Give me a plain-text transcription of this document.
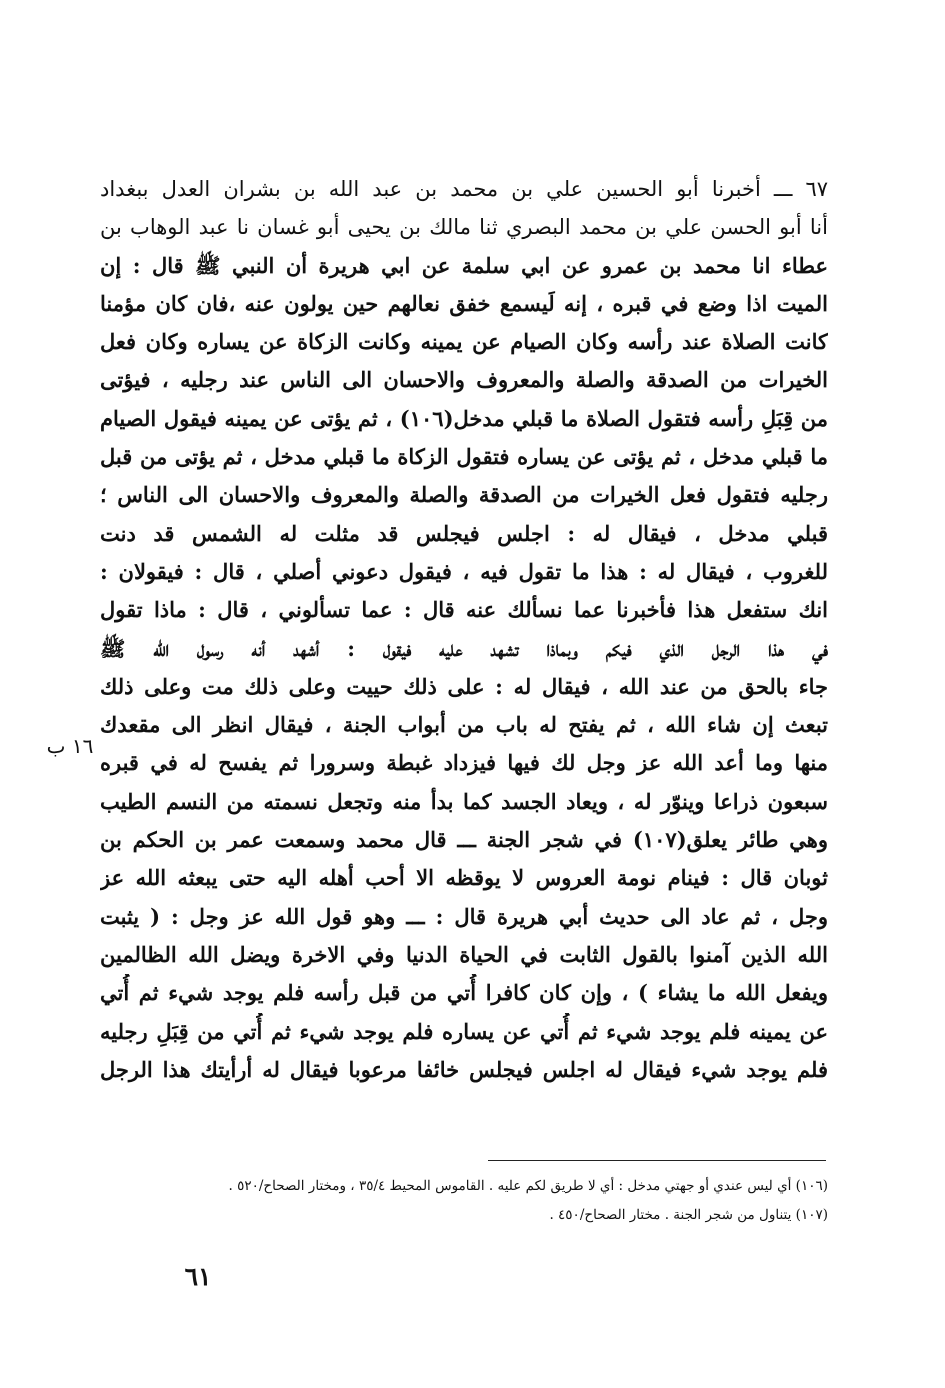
٦٧ ـــ أخبرنا أبو الحسين علي بن محمد بن عبد الله بن بشران العدل ببغداد
أنا أبو الحسن علي بن محمد البصري ثنا مالك بن يحيى أبو غسان نا عبد الوهاب بن
عطاء انا محمد بن عمرو عن ابي سلمة عن ابي هريرة أن النبي ﷺ قال : إن
الميت اذا وضع في قبره ، إنه لَيسمع خفق نعالهم حين يولون عنه ،فان كان مؤمنا
كانت الصلاة عند رأسه وكان الصيام عن يمينه وكانت الزكاة عن يساره وكان فعل
الخيرات من الصدقة والصلة والمعروف والاحسان الى الناس عند رجليه ، فيؤتى
من قِبَلِ رأسه فتقول الصلاة ما قبلي مدخل(١٠٦) ، ثم يؤتى عن يمينه فيقول الصيام
ما قبلي مدخل ، ثم يؤتى عن يساره فتقول الزكاة ما قبلي مدخل ، ثم يؤتى من قبل
رجليه فتقول فعل الخيرات من الصدقة والصلة والمعروف والاحسان الى الناس ؛
قبلي مدخل ، فيقال له : اجلس فيجلس قد مثلت له الشمس قد دنت
للغروب ، فيقال له : هذا ما تقول فيه ، فيقول دعوني أصلي ، قال : فيقولان :
انك ستفعل هذا فأخبرنا عما نسألك عنه قال : عما تسألوني ، قال : ماذا تقول
في هذا الرجل الذي فيكم وبماذا تشهد عليه فيقول : أشهد أنه رسول الله ﷺ
جاء بالحق من عند الله ، فيقال له : على ذلك حييت وعلى ذلك مت وعلى ذلك
تبعث إن شاء الله ، ثم يفتح له باب من أبواب الجنة ، فيقال انظر الى مقعدك
منها وما أعد الله عز وجل لك فيها فيزداد غبطة وسرورا ثم يفسح له في قبره
سبعون ذراعا وينوّر له ، ويعاد الجسد كما بدأ منه وتجعل نسمته من النسم الطيب
وهي طائر يعلق(١٠٧) في شجر الجنة ـــ قال محمد وسمعت عمر بن الحكم بن
ثوبان قال : فينام نومة العروس لا يوقظه الا أحب أهله اليه حتى يبعثه الله عز
وجل ، ثم عاد الى حديث أبي هريرة قال : ـــ وهو قول الله عز وجل : ( يثبت
الله الذين آمنوا بالقول الثابت في الحياة الدنيا وفي الاخرة ويضل الله الظالمين
ويفعل الله ما يشاء ) ، وإن كان كافرا أُتي من قبل رأسه فلم يوجد شيء ثم أُتي
عن يمينه فلم يوجد شيء ثم أُتي عن يساره فلم يوجد شيء ثم أُتي من قِبَلِ رجليه
فلم يوجد شيء فيقال له اجلس فيجلس خائفا مرعوبا فيقال له أرأيتك هذا الرجل
١٦ ب
(١٠٦) أي ليس عندي أو جهتي مدخل : أي لا طريق لكم عليه . القاموس المحيط ٣٥/٤ ، ومختار الصحاح/٥٢٠ .
(١٠٧) يتناول من شجر الجنة . مختار الصحاح/٤٥٠ .
٦١
